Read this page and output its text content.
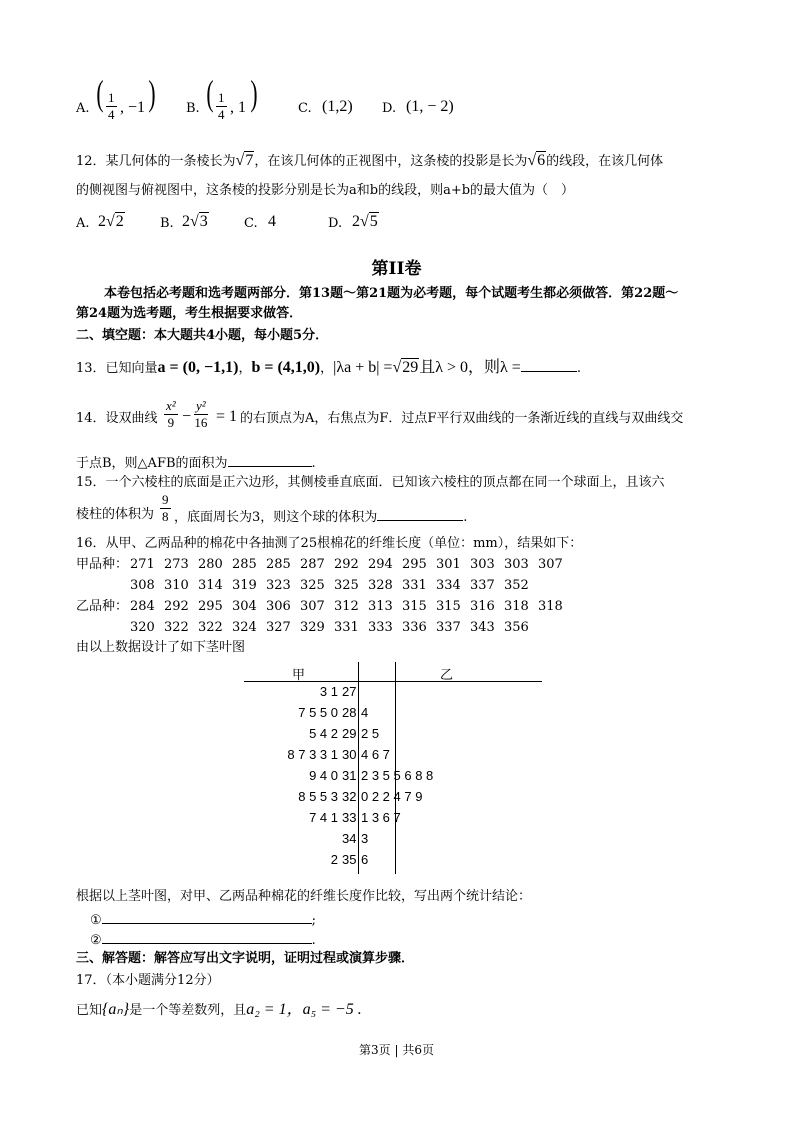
A. ( $\frac{1}{4}$ , −1 ) B. ( $\frac{1}{4}$ , 1 )	C. (1,2) D. (1, − 2)
12．某几何体的一条棱长为√7，在该几何体的正视图中，这条棱的投影是长为√6的线段，在该几何体
的侧视图与俯视图中，这条棱的投影分别是长为a和b的线段，则a+b的最大值为（　）
A. 2√2	B. 2√3	C. 4	D. 2√5
第II卷
本卷包括必考题和选考题两部分．第13题～第21题为必考题，每个试题考生都必须做答．第22题～
第24题为选考题，考生根据要求做答．
二、填空题：本大题共4小题，每小题5分．
13．已知向量a = (0, −1,1)，b = (4,1,0)，|λa + b| =√29且λ > 0，则λ =	.
14．设双曲线 $\frac{\text{x²}}{9} - \frac{\text{y²}}{16} = 1$ 的右顶点为A，右焦点为F．过点F平行双曲线的一条渐近线的直线与双曲线交
于点B，则△AFB的面积为	.
15．一个六棱柱的底面是正六边形，其侧棱垂直底面．已知该六棱柱的顶点都在同一个球面上，且该六
棱柱的体积为 $\frac{9}{8}$ ，底面周长为3，则这个球的体积为	.
16．从甲、乙两品种的棉花中各抽测了25根棉花的纤维长度（单位：mm），结果如下：
甲品种： 271 273 280 285 285 287 292 294 295 301 303 303 307
308 310 314 319 323 325 325 328 331 334 337 352
乙品种： 284 292 295 304 306 307 312 313 315 315 316 318 318
320 322 322 324 327 329 331 333 336 337 343 356
由以上数据设计了如下茎叶图
甲	乙
3 1 27
7 5 5 0 28 4
5 4 2 29 2 5
8 7 3 3 1 30 4 6 7
9 4 0 31 2 3 5 5 6 8 8
8 5 5 3 32 0 2 2 4 7 9
7 4 1 33 1 3 6 7
34 3
2 35 6
根据以上茎叶图，对甲、乙两品种棉花的纤维长度作比较，写出两个统计结论：
①	;
②	.
三、解答题：解答应写出文字说明，证明过程或演算步骤．
17．（本小题满分12分）
已知{aₙ}是一个等差数列，且a₂ = 1，a₅ = −5 .
第3页 | 共6页
